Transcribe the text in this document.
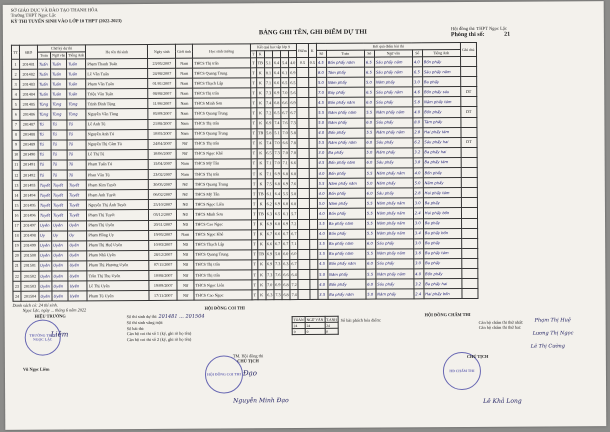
SỞ GIÁO DỤC VÀ ĐÀO TẠO THANH HÓA
Trường THPT Ngọc Lặc
KỲ THI TUYỂN SINH VÀO LỚP 10 THPT (2022-2023)
BẢNG GHI TÊN, GHI ĐIỂM DỰ THI
Hội đồng thi: THPT Ngọc Lặc
Phòng thi số:	21
TT	SBD	Chữ ký dự thi			Họ tên thí sinh	Ngày sinh	Giới tính	Học sinh trường	Kết quả học tập lớp 9						Điểm	K	Kết quả điểm bài thi						Ghi chú
		Toán	Ngữ văn	Tiếng Anh					T	K							Số	Toán	Số	Ngữ văn	Số	Tiếng Anh	
1	201481	Tuấn	Tuấn	Tuấn	Phạm Thanh Tuấn	23/05/2007	Nam	THCS Thị trấn	T	TB	5.1	6.4	5.4	4.0	0.5	0.5	4.5	Bốn phẩy năm	6.5	Sáu phẩy năm	4.0	Bốn phẩy	
2	201482	Tuấn	Tuấn	Tuấn	Lê Văn Tuấn	24/08/2007	Nam	THCS Quang Trung	T	K	8.1	6.4	6.1	6.9			8.0	Tám phẩy	6.5	Sáu phẩy năm	6.5	Sáu phẩy năm	
3	201483	Tuấn	Tuấn	Tuấn	Phạm Văn Tuấn	01/01/2007	Nam	THCS Thạch Lập	T	K	7.1	6.6	6.5	6.5			5.0	Năm phẩy	5.0	Năm phẩy	3.0	Ba phẩy	
4	201484	Tuấn	Tuấn	Tuấn	Triệu Văn Tuấn	08/08/2007	Nam	THCS Thị trấn	T	K	7.3	6.9	7.0	5.6			7.0	Bảy phẩy	6.5	Sáu phẩy năm	4.6	Bốn phẩy sáu	DT
5	201485	Tùng	Tùng	Tùng	Trịnh Đình Tùng	11/06/2007	Nam	THCS Minh Sơn	T	K	7.4	6.8	6.6	6.9			4.5	Bốn phẩy năm	6.0	Sáu phẩy	5.8	Năm phẩy tám	
6	201486	Tùng	Tùng	Tùng	Nguyễn Văn Tùng	05/09/2007	Nam	THCS Quang Trung	T	K	7.2	6.5	6.7	6.7			5.5	Năm phẩy năm	5.5	Năm phẩy năm	4.0	Bốn phẩy	DT
7	201487	Tú	Tú	Tú	Lê Anh Tú	21/08/2007	Nam	THCS Thị trấn	T	K	6.9	7.4	7.6	7.3			5.0	Năm phẩy	6.0	Sáu phẩy	8.0	Tám phẩy	
8	201488	Tú	Tú	Tú	Nguyễn Anh Tú	10/05/2007	Nam	THCS Quang Trung	T	TB	5.8	5.1	7.0	5.8			4.0	Bốn phẩy	5.5	Năm phẩy năm	2.8	Hai phẩy tám	
9	201489	Tú	Tú	Tú	Nguyễn Thị Cẩm Tú	24/04/2007	Nữ	THCS Thị trấn	T	K	7.4	7.0	6.6	7.8			5.5	Năm phẩy năm	6.0	Sáu phẩy	6.2	Sáu phẩy hai	DT
10	201490	Tú	Tú	Tú	Lê Thị Tú	10/06/2007	Nữ	THCS Ngọc Khê	T	K	6.5	7.3	7.0	7.0			3.0	Ba phẩy	5.0	Năm phẩy	3.2	Ba phẩy hai	
11	201491	Tú	Tú	Tú	Phạm Tuấn Tú	15/04/2007	Nam	THCS Mỹ Tân	T	K	7.1	7.0	7.1	6.6			4.5	Bốn phẩy năm	6.0	Sáu phẩy	3.8	Ba phẩy tám	
12	201492	Tú	Tú	Tú	Phan Văn Tú	23/02/2007	Nam	THCS Thị trấn	T	K	7.1	6.9	6.8	6.8			4.0	Bốn phẩy	5.5	Năm phẩy năm	4.0	Bốn phẩy	
13	201493	Tuyết	Tuyết	Tuyết	Phạm Kim Tuyết	30/05/2007	Nữ	THCS Quang Trung	T	K	7.5	6.8	6.9	7.6			5.5	Năm phẩy năm	5.0	Năm phẩy	5.0	Năm phẩy	
14	201494	Tuyết	Tuyết	Tuyết	Phạm Anh Tuyết	06/02/2007	Nữ	THCS Mỹ Tân	T	TB	6.1	6.4	5.5	5.8			4.0	Bốn phẩy	6.0	Sáu phẩy	2.8	Hai phẩy tám	
15	201495	Tuyết	Tuyết	Tuyết	Nguyễn Thị Ánh Tuyết	25/10/2007	Nữ	THCS Ngọc Liên	T	K	6.2	6.9	6.0	6.8			5.0	Năm phẩy	5.5	Năm phẩy năm	3.0	Ba phẩy	
16	201496	Tuyết	Tuyết	Tuyết	Phạm Thị Tuyết	03/12/2007	Nữ	THCS Minh Sơn	T	TB	6.3	6.5	6.1	5.7			4.0	Bốn phẩy	5.5	Năm phẩy năm	2.4	Hai phẩy bốn	
17	201497	Uyên	Uyên	Uyên	Phạm Thị Uyên	20/11/2007	Nữ	THCS Cao Ngọc	T	K	6.9	6.8	6.9	7.2			3.5	Ba phẩy năm	5.5	Năm phẩy năm	3.0	Ba phẩy	
18	201498	Uy	Uy	Uy	Phạm Hồng Uy	19/05/2007	Nam	THCS Ngọc Khê	T	K	6.7	6.6	6.7	6.7			4.0	Bốn phẩy	5.5	Năm phẩy năm	3.4	Ba phẩy bốn	
19	201499	Uyên	Uyên	Uyên	Phạm Thị Huệ Uyên	10/03/2007	Nữ	THCS Thạch Lập	T	K	6.6	6.7	6.7	7.1			3.5	Ba phẩy năm	6.0	Sáu phẩy	3.0	Ba phẩy	
20	201500	Uyên	Uyên	Uyên	Phạm Nhã Uyên	28/12/2007	Nữ	THCS Quang Trung	T	TB	6.9	5.8	6.0	6.0			3.5	Ba phẩy năm	5.5	Năm phẩy năm	3.8	Ba phẩy tám	
21	201501	Uyên	Uyên	Uyên	Phạm Thị Phương Uyên	07/11/2007	Nữ	THCS Thị trấn	T	K	6.9	7.3	6.3	6.7			4.5	Bốn phẩy năm	6.0	Sáu phẩy	3.0	Ba phẩy	
22	201502	Uyên	Uyên	Uyên	Trần Thị Thu Uyên	10/08/2007	Nữ	THCS Thị trấn	T	K	7.3	7.6	6.6	6.4			5.0	Năm phẩy	5.5	Năm phẩy năm	4.0	Bốn phẩy	
23	201503	Uyên	Uyên	Uyên	Lê Thị Uyên	19/09/2007	Nữ	THCS Ngọc Liên	T	K	7.0	6.9	6.8	7.2			4.0	Bốn phẩy	6.0	Sáu phẩy	3.2	Ba phẩy hai	
24	201504	Uyên	Uyên	Uyên	Phạm Tú Uyên	17/11/2007	Nữ	THCS Cao Ngọc	T	K	6.3	7.3	6.8	7.4			3.5	Ba phẩy năm	5.0	Năm phẩy	2.4	Hai phẩy bốn	
Danh sách có: 24 thí sinh.
Ngọc Lặc, ngày ... tháng 6 năm 2022
HIỆU TRƯỞNG
TRƯỜNG THPT NGỌC LẶC
Liêm
Vũ Ngọc Liêm
HỘI ĐỒNG COI THI
Số thí sinh dự thi: 201481 ... 201504
Số thí sinh vắng mặt:
Số bài thi:
Cán bộ coi thi số 1 (ký, ghi rõ họ tên)
Cán bộ coi thi số 2 (ký, ghi rõ họ tên)
TOÁN	NGỮ VĂN	T.ANH
24	24	24
0	0	0
TM. Hội đồng thi
CHỦ TỊCH
HỘI ĐỒNG COI THI Đạo
Nguyễn Minh Đạo
HỘI ĐỒNG CHẤM THI
Số bài phách bỏa điểm:	Cán bộ chấm thi thứ nhất:
Cán bộ chấm thi thứ hai:
Phạm Thị Huệ
Lương Thị Ngọc
Lê Thị Cường
HĐ CHẤM THI
CHỦ TỊCH
Lê Khả Long
